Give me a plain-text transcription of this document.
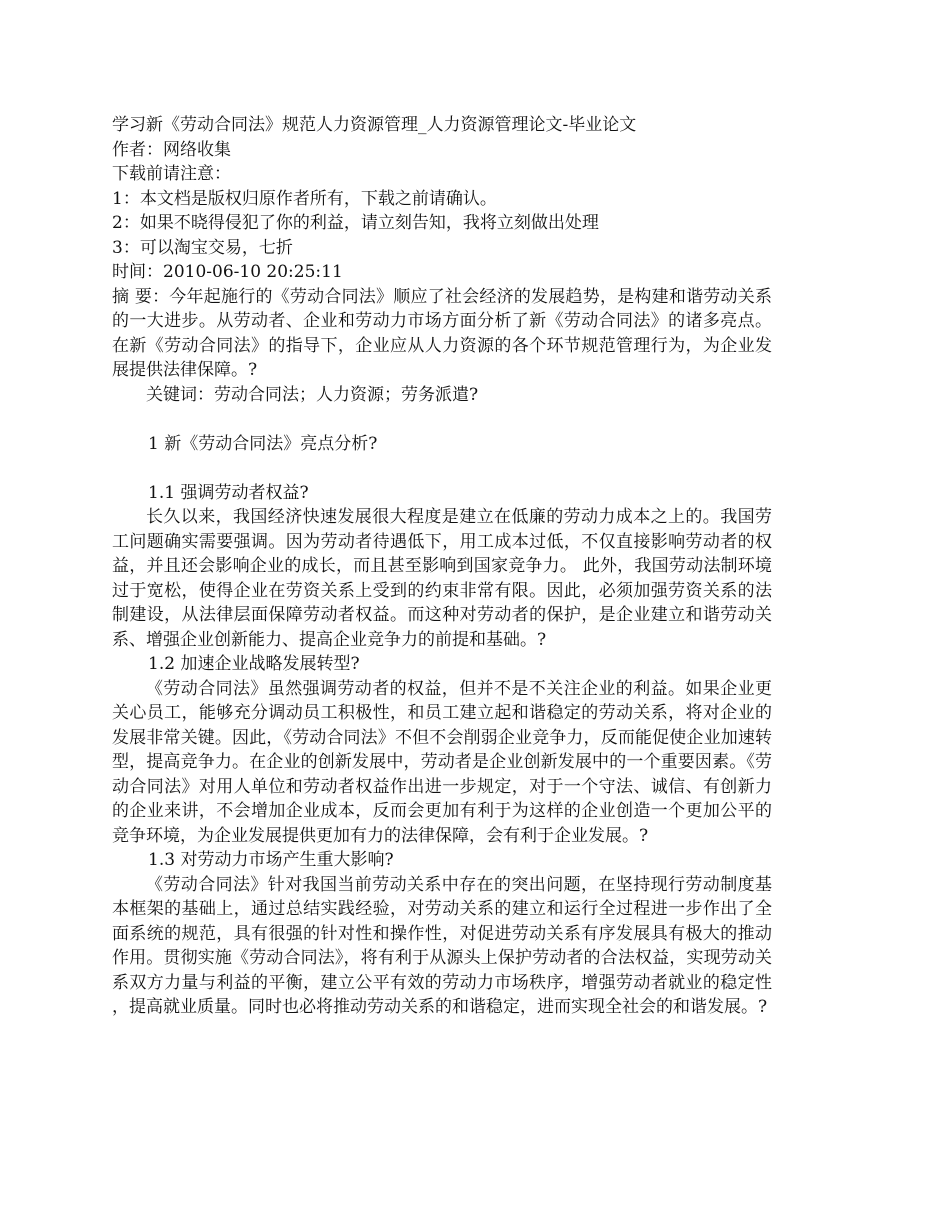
学习新《劳动合同法》规范人力资源管理_人力资源管理论文-毕业论文

作者：网络收集

下载前请注意：

1：本文档是版权归原作者所有，下载之前请确认。

2：如果不晓得侵犯了你的利益，请立刻告知，我将立刻做出处理

3：可以淘宝交易，七折

时间：2010-06-10 20:25:11

摘 要：今年起施行的《劳动合同法》顺应了社会经济的发展趋势，是构建和谐劳动关系的一大进步。从劳动者、企业和劳动力市场方面分析了新《劳动合同法》的诸多亮点。在新《劳动合同法》的指导下，企业应从人力资源的各个环节规范管理行为，为企业发展提供法律保障。?

关键词：劳动合同法；人力资源；劳务派遣?

1 新《劳动合同法》亮点分析?

1.1 强调劳动者权益?

长久以来，我国经济快速发展很大程度是建立在低廉的劳动力成本之上的。我国劳工问题确实需要强调。因为劳动者待遇低下，用工成本过低，不仅直接影响劳动者的权益，并且还会影响企业的成长，而且甚至影响到国家竞争力。 此外，我国劳动法制环境过于宽松，使得企业在劳资关系上受到的约束非常有限。因此，必须加强劳资关系的法制建设，从法律层面保障劳动者权益。而这种对劳动者的保护，是企业建立和谐劳动关系、增强企业创新能力、提高企业竞争力的前提和基础。?

1.2 加速企业战略发展转型?

《劳动合同法》虽然强调劳动者的权益，但并不是不关注企业的利益。如果企业更关心员工，能够充分调动员工积极性，和员工建立起和谐稳定的劳动关系，将对企业的发展非常关键。因此，《劳动合同法》不但不会削弱企业竞争力，反而能促使企业加速转型，提高竞争力。在企业的创新发展中，劳动者是企业创新发展中的一个重要因素。《劳动合同法》对用人单位和劳动者权益作出进一步规定，对于一个守法、诚信、有创新力的企业来讲，不会增加企业成本，反而会更加有利于为这样的企业创造一个更加公平的竞争环境，为企业发展提供更加有力的法律保障，会有利于企业发展。?

1.3 对劳动力市场产生重大影响?

《劳动合同法》针对我国当前劳动关系中存在的突出问题，在坚持现行劳动制度基本框架的基础上，通过总结实践经验，对劳动关系的建立和运行全过程进一步作出了全面系统的规范，具有很强的针对性和操作性，对促进劳动关系有序发展具有极大的推动作用。贯彻实施《劳动合同法》，将有利于从源头上保护劳动者的合法权益，实现劳动关系双方力量与利益的平衡，建立公平有效的劳动力市场秩序，增强劳动者就业的稳定性，提高就业质量。同时也必将推动劳动关系的和谐稳定，进而实现全社会的和谐发展。?
